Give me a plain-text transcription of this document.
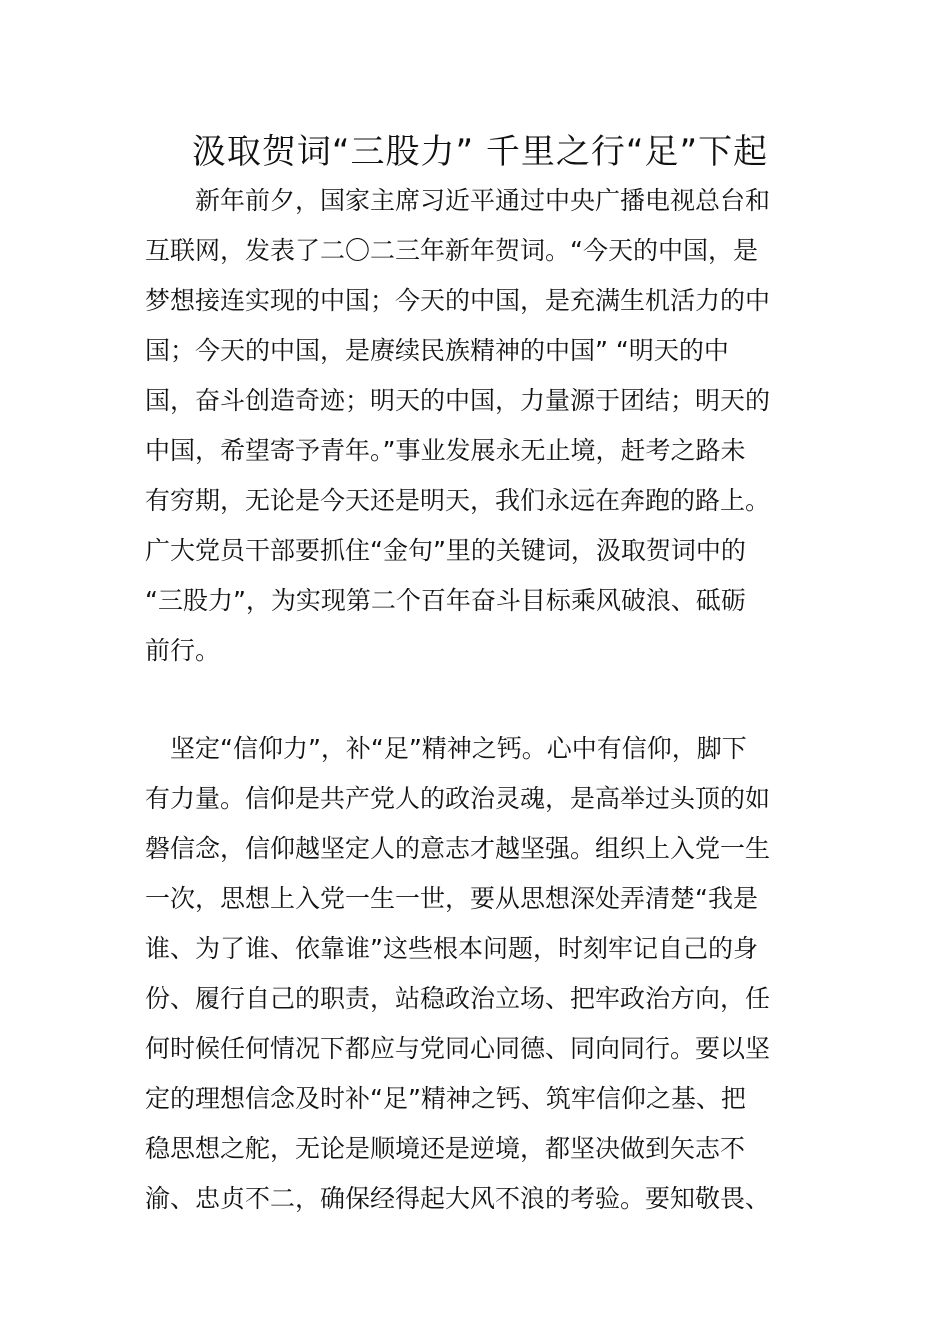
汲取贺词“三股力” 千里之行“足”下起
　　新年前夕，国家主席习近平通过中央广播电视总台和
互联网，发表了二〇二三年新年贺词。“今天的中国，是
梦想接连实现的中国；今天的中国，是充满生机活力的中
国；今天的中国，是赓续民族精神的中国” “明天的中
国，奋斗创造奇迹；明天的中国，力量源于团结；明天的
中国，希望寄予青年。”事业发展永无止境，赶考之路未
有穷期，无论是今天还是明天，我们永远在奔跑的路上。
广大党员干部要抓住“金句”里的关键词，汲取贺词中的
“三股力”，为实现第二个百年奋斗目标乘风破浪、砥砺
前行。
　坚定“信仰力”，补“足”精神之钙。心中有信仰，脚下
有力量。信仰是共产党人的政治灵魂，是高举过头顶的如
磐信念，信仰越坚定人的意志才越坚强。组织上入党一生
一次，思想上入党一生一世，要从思想深处弄清楚“我是
谁、为了谁、依靠谁”这些根本问题，时刻牢记自己的身
份、履行自己的职责，站稳政治立场、把牢政治方向，任
何时候任何情况下都应与党同心同德、同向同行。要以坚
定的理想信念及时补“足”精神之钙、筑牢信仰之基、把
稳思想之舵，无论是顺境还是逆境，都坚决做到矢志不
渝、忠贞不二，确保经得起大风不浪的考验。要知敬畏、
